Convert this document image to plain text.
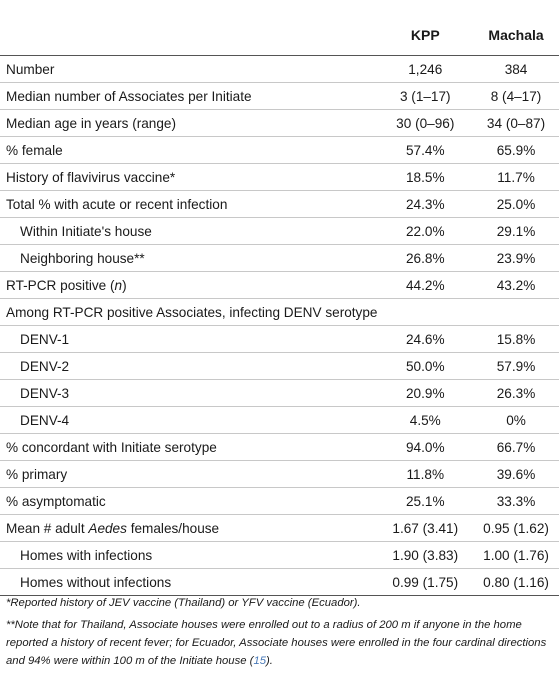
	KPP	Machala
Number	1,246	384
Median number of Associates per Initiate	3 (1–17)	8 (4–17)
Median age in years (range)	30 (0–96)	34 (0–87)
% female	57.4%	65.9%
History of flavivirus vaccine*	18.5%	11.7%
Total % with acute or recent infection	24.3%	25.0%
Within Initiate's house	22.0%	29.1%
Neighboring house**	26.8%	23.9%
RT-PCR positive (n)	44.2%	43.2%
Among RT-PCR positive Associates, infecting DENV serotype		
DENV-1	24.6%	15.8%
DENV-2	50.0%	57.9%
DENV-3	20.9%	26.3%
DENV-4	4.5%	0%
% concordant with Initiate serotype	94.0%	66.7%
% primary	11.8%	39.6%
% asymptomatic	25.1%	33.3%
Mean # adult Aedes females/house	1.67 (3.41)	0.95 (1.62)
Homes with infections	1.90 (3.83)	1.00 (1.76)
Homes without infections	0.99 (1.75)	0.80 (1.16)

*Reported history of JEV vaccine (Thailand) or YFV vaccine (Ecuador).

**Note that for Thailand, Associate houses were enrolled out to a radius of 200 m if anyone in the home reported a history of recent fever; for Ecuador, Associate houses were enrolled in the four cardinal directions and 94% were within 100 m of the Initiate house (15).
